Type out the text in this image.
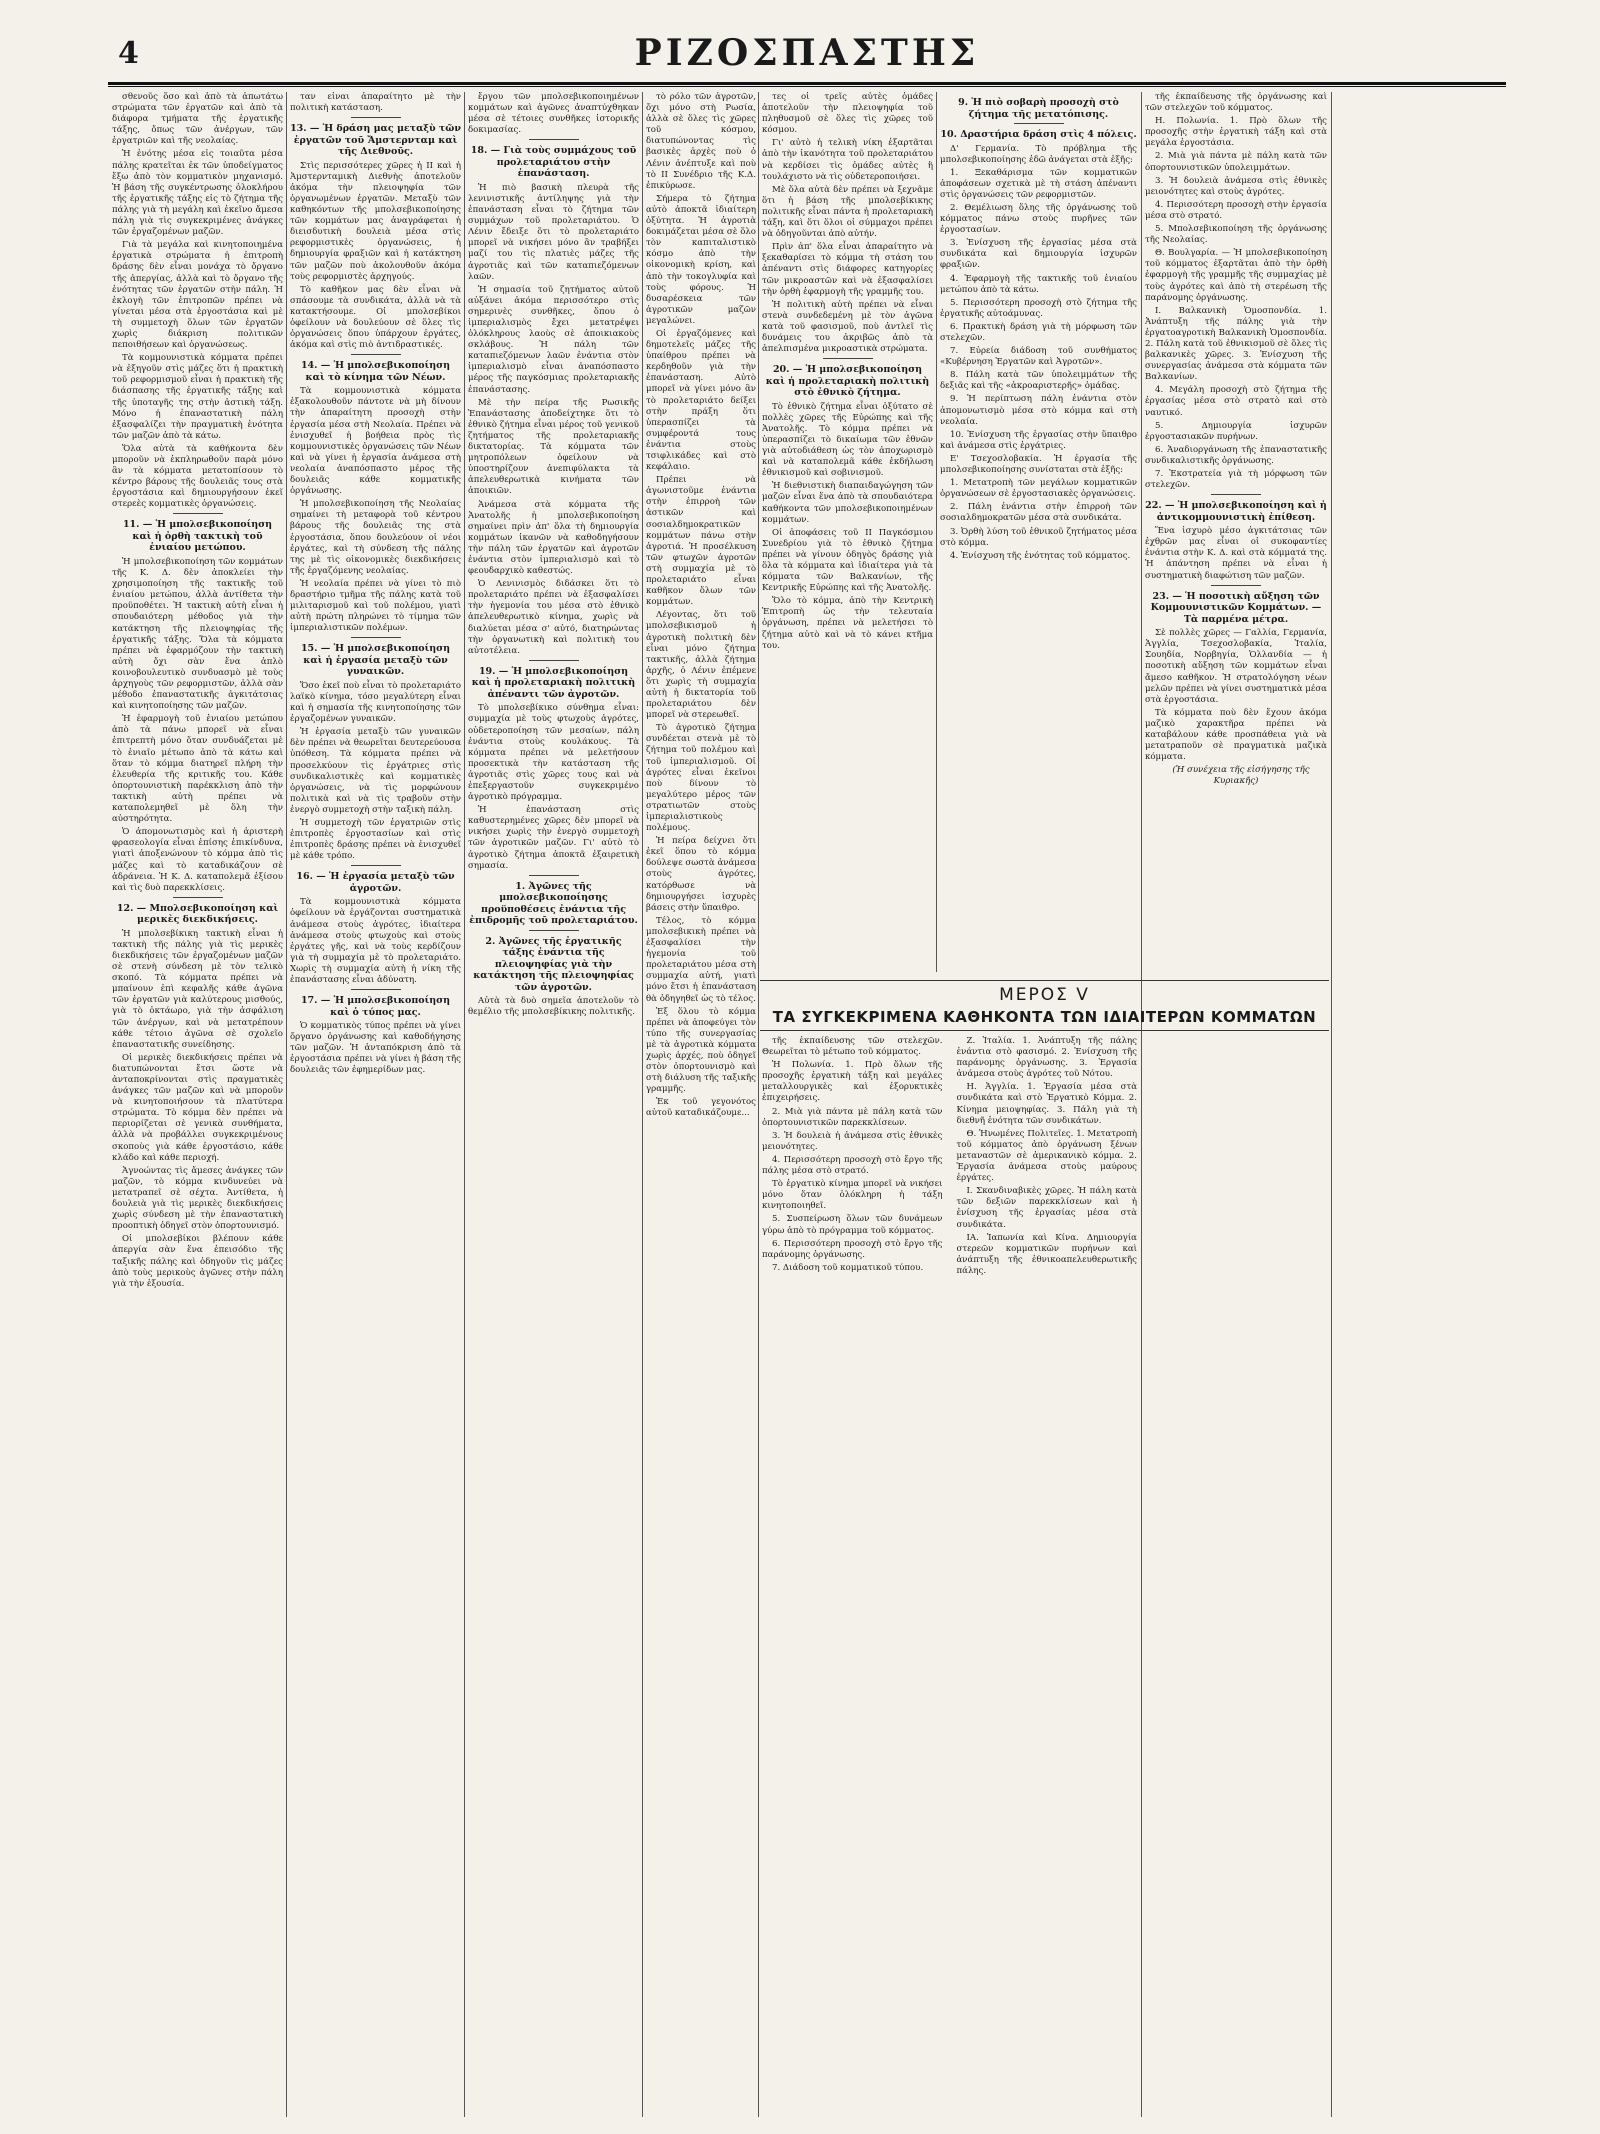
4	ΡΙΖΟΣΠΑΣΤΗΣ

σθενοῦς ὅσο καὶ ἀπὸ τὰ ἀπωτάτω στρώματα τῶν ἐργατῶν καὶ ἀπὸ τὰ διάφορα τμήματα τῆς ἐργατικῆς τάξης, ὄπως τῶν ἀνέργων, τῶν ἐργατριῶν καὶ τῆς νεολαίας.

Ἡ ἐνότης μέσα εἰς τοιαῦτα μέσα πάλης κρατεῖται ἐκ τῶν ὑποδείγματος ἔξω ἀπὸ τὸν κομματικὸν μηχανισμό. Ἡ βάση τῆς συγκέντρωσης ὁλοκλήρου τῆς ἐργατικῆς τάξης εἰς τὸ ζήτημα τῆς πάλης γιὰ τὴ μεγάλη καὶ ἐκεῖνο ἄμεσα πάλη γιὰ τὶς συγκεκριμένες ἀνάγκες τῶν ἐργαζομένων μαζῶν.

Γιὰ τὰ μεγάλα καὶ κινητοποιημένα ἐργατικὰ στρώματα ἡ ἐπιτροπὴ δράσης δὲν εἶναι μονάχα τὸ ὄργανο τῆς ἀπεργίας, ἀλλὰ καὶ τὸ ὄργανο τῆς ἐνότητας τῶν ἐργατῶν στὴν πάλη. Ἡ ἐκλογὴ τῶν ἐπιτροπῶν πρέπει νὰ γίνεται μέσα στὰ ἐργοστάσια καὶ μὲ τὴ συμμετοχὴ ὅλων τῶν ἐργατῶν χωρὶς διάκριση πολιτικῶν πεποιθήσεων καὶ ὀργανώσεως.

Τὰ κομμουνιστικὰ κόμματα πρέπει νὰ ἐξηγοῦν στὶς μάζες ὅτι ἡ πρακτικὴ τοῦ ρεφορμισμοῦ εἶναι ἡ πρακτικὴ τῆς διάσπασης τῆς ἐργατικῆς τάξης καὶ τῆς ὑποταγῆς της στὴν ἀστικὴ τάξη. Μόνο ἡ ἐπαναστατικὴ πάλη ἐξασφαλίζει τὴν πραγματικὴ ἑνότητα τῶν μαζῶν ἀπὸ τὰ κάτω.

Ὅλα αὐτὰ τὰ καθήκοντα δὲν μποροῦν νὰ ἐκπληρωθοῦν παρὰ μόνο ἂν τὰ κόμματα μετατοπίσουν τὸ κέντρο βάρους τῆς δουλειᾶς τους στὰ ἐργοστάσια καὶ δημιουργήσουν ἐκεῖ στερεὲς κομματικὲς ὀργανώσεις.

11. — Ἡ μπολσεβικοποίηση καὶ ἡ ὀρθὴ τακτικὴ τοῦ ἑνιαίου μετώπου.

Ἡ μπολσεβικοποίηση τῶν κομμάτων τῆς Κ. Δ. δὲν ἀποκλείει τὴν χρησιμοποίηση τῆς τακτικῆς τοῦ ἑνιαίου μετώπου, ἀλλὰ ἀντίθετα τὴν προϋποθέτει. Ἡ τακτικὴ αὐτὴ εἶναι ἡ σπουδαιότερη μέθοδος γιὰ τὴν κατάκτηση τῆς πλειοψηφίας τῆς ἐργατικῆς τάξης. Ὅλα τὰ κόμματα πρέπει νὰ ἐφαρμόζουν τὴν τακτικὴ αὐτὴ ὄχι σὰν ἕνα ἁπλὸ κοινοβουλευτικὸ συνδυασμὸ μὲ τοὺς ἀρχηγοὺς τῶν ρεφορμιστῶν, ἀλλὰ σὰν μέθοδο ἐπαναστατικῆς ἀγκιτάτσιας καὶ κινητοποίησης τῶν μαζῶν.

Ἡ ἐφαρμογὴ τοῦ ἑνιαίου μετώπου ἀπὸ τὰ πάνω μπορεῖ νὰ εἶναι ἐπιτρεπτὴ μόνο ὅταν συνδυάζεται μὲ τὸ ἑνιαῖο μέτωπο ἀπὸ τὰ κάτω καὶ ὅταν τὸ κόμμα διατηρεῖ πλήρη τὴν ἐλευθερία τῆς κριτικῆς του. Κάθε ὀπορτουνιστικὴ παρέκκλιση ἀπὸ τὴν τακτικὴ αὐτὴ πρέπει νὰ καταπολεμηθεῖ μὲ ὅλη τὴν αὐστηρότητα.

Ὁ ἀπομονωτισμὸς καὶ ἡ ἀριστερὴ φρασεολογία εἶναι ἐπίσης ἐπικίνδυνα, γιατὶ ἀποξενώνουν τὸ κόμμα ἀπὸ τὶς μάζες καὶ τὸ καταδικάζουν σὲ ἀδράνεια. Ἡ Κ. Δ. καταπολεμᾶ ἐξίσου καὶ τὶς δυὸ παρεκκλίσεις.

12. — Μπολσεβικοποίηση καὶ μερικὲς διεκδικήσεις.

Ἡ μπολσεβίκικη τακτικὴ εἶναι ἡ τακτικὴ τῆς πάλης γιὰ τὶς μερικὲς διεκδικήσεις τῶν ἐργαζομένων μαζῶν σὲ στενὴ σύνδεση μὲ τὸν τελικὸ σκοπό. Τὰ κόμματα πρέπει νὰ μπαίνουν ἐπὶ κεφαλῆς κάθε ἀγῶνα τῶν ἐργατῶν γιὰ καλύτερους μισθούς, γιὰ τὸ ὀκτάωρο, γιὰ τὴν ἀσφάλιση τῶν ἀνέργων, καὶ νὰ μετατρέπουν κάθε τέτοιο ἀγῶνα σὲ σχολεῖο ἐπαναστατικῆς συνείδησης.

Οἱ μερικὲς διεκδικήσεις πρέπει νὰ διατυπώνονται ἔτσι ὥστε νὰ ἀνταποκρίνονται στὶς πραγματικὲς ἀνάγκες τῶν μαζῶν καὶ νὰ μποροῦν νὰ κινητοποιήσουν τὰ πλατύτερα στρώματα. Τὸ κόμμα δὲν πρέπει νὰ περιορίζεται σὲ γενικὰ συνθήματα, ἀλλὰ νὰ προβάλλει συγκεκριμένους σκοποὺς γιὰ κάθε ἐργοστάσιο, κάθε κλάδο καὶ κάθε περιοχή.

Ἀγνοώντας τὶς ἄμεσες ἀνάγκες τῶν μαζῶν, τὸ κόμμα κινδυνεύει νὰ μετατραπεῖ σὲ σέχτα. Ἀντίθετα, ἡ δουλειὰ γιὰ τὶς μερικὲς διεκδικήσεις χωρὶς σύνδεση μὲ τὴν ἐπαναστατικὴ προοπτικὴ ὁδηγεῖ στὸν ὀπορτουνισμό.

Οἱ μπολσεβίκοι βλέπουν κάθε ἀπεργία σὰν ἕνα ἐπεισόδιο τῆς ταξικῆς πάλης καὶ ὁδηγοῦν τὶς μάζες ἀπὸ τοὺς μερικοὺς ἀγῶνες στὴν πάλη γιὰ τὴν ἐξουσία.

ταν εἶναι ἀπαραίτητο μὲ τὴν πολιτικὴ κατάσταση.

13. — Ἡ δράση μας μεταξὺ τῶν ἐργατῶν τοῦ Ἄμστερνταμ καὶ τῆς Διεθνοῦς.

Στὶς περισσότερες χῶρες ἡ II καὶ ἡ Ἀμστερνταμικὴ Διεθνὴς ἀποτελοῦν ἀκόμα τὴν πλειοψηφία τῶν ὀργανωμένων ἐργατῶν. Μεταξὺ τῶν καθηκόντων τῆς μπολσεβικοποίησης τῶν κομμάτων μας ἀναγράφεται ἡ διεισδυτικὴ δουλειὰ μέσα στὶς ρεφορμιστικὲς ὀργανώσεις, ἡ δημιουργία φραξιῶν καὶ ἡ κατάκτηση τῶν μαζῶν ποὺ ἀκολουθοῦν ἀκόμα τοὺς ρεφορμιστὲς ἀρχηγούς.

Τὸ καθῆκον μας δὲν εἶναι νὰ σπάσουμε τὰ συνδικάτα, ἀλλὰ νὰ τὰ κατακτήσουμε. Οἱ μπολσεβίκοι ὀφείλουν νὰ δουλεύουν σὲ ὅλες τὶς ὀργανώσεις ὅπου ὑπάρχουν ἐργάτες, ἀκόμα καὶ στὶς πιὸ ἀντιδραστικές.

14. — Ἡ μπολσεβικοποίηση καὶ τὸ κίνημα τῶν Νέων.

Τὰ κομμουνιστικὰ κόμματα ἐξακολουθοῦν πάντοτε νὰ μὴ δίνουν τὴν ἀπαραίτητη προσοχὴ στὴν ἐργασία μέσα στὴ Νεολαία. Πρέπει νὰ ἐνισχυθεῖ ἡ βοήθεια πρὸς τὶς κομμουνιστικὲς ὀργανώσεις τῶν Νέων καὶ νὰ γίνει ἡ ἐργασία ἀνάμεσα στὴ νεολαία ἀναπόσπαστο μέρος τῆς δουλειᾶς κάθε κομματικῆς ὀργάνωσης.

Ἡ μπολσεβικοποίηση τῆς Νεολαίας σημαίνει τὴ μεταφορὰ τοῦ κέντρου βάρους τῆς δουλειᾶς της στὰ ἐργοστάσια, ὅπου δουλεύουν οἱ νέοι ἐργάτες, καὶ τὴ σύνδεση τῆς πάλης της μὲ τὶς οἰκονομικὲς διεκδικήσεις τῆς ἐργαζόμενης νεολαίας.

Ἡ νεολαία πρέπει νὰ γίνει τὸ πιὸ δραστήριο τμῆμα τῆς πάλης κατὰ τοῦ μιλιταρισμοῦ καὶ τοῦ πολέμου, γιατὶ αὐτὴ πρώτη πληρώνει τὸ τίμημα τῶν ἰμπεριαλιστικῶν πολέμων.

15. — Ἡ μπολσεβικοποίηση καὶ ἡ ἐργασία μεταξὺ τῶν γυναικῶν.

Ὅσο ἐκεῖ ποὺ εἶναι τὸ προλεταριάτο λαϊκὸ κίνημα, τόσο μεγαλύτερη εἶναι καὶ ἡ σημασία τῆς κινητοποίησης τῶν ἐργαζομένων γυναικῶν.

Ἡ ἐργασία μεταξὺ τῶν γυναικῶν δὲν πρέπει νὰ θεωρεῖται δευτερεύουσα ὑπόθεση. Τὰ κόμματα πρέπει νὰ προσελκύουν τὶς ἐργάτριες στὶς συνδικαλιστικὲς καὶ κομματικὲς ὀργανώσεις, νὰ τὶς μορφώνουν πολιτικὰ καὶ νὰ τὶς τραβοῦν στὴν ἐνεργὸ συμμετοχὴ στὴν ταξικὴ πάλη.

Ἡ συμμετοχὴ τῶν ἐργατριῶν στὶς ἐπιτροπὲς ἐργοστασίων καὶ στὶς ἐπιτροπὲς δράσης πρέπει νὰ ἐνισχυθεῖ μὲ κάθε τρόπο.

16. — Ἡ ἐργασία μεταξὺ τῶν ἀγροτῶν.

Τὰ κομμουνιστικὰ κόμματα ὀφείλουν νὰ ἐργάζονται συστηματικὰ ἀνάμεσα στοὺς ἀγρότες, ἰδιαίτερα ἀνάμεσα στοὺς φτωχοὺς καὶ στοὺς ἐργάτες γῆς, καὶ νὰ τοὺς κερδίζουν γιὰ τὴ συμμαχία μὲ τὸ προλεταριάτο. Χωρὶς τὴ συμμαχία αὐτὴ ἡ νίκη τῆς ἐπανάστασης εἶναι ἀδύνατη.

17. — Ἡ μπολσεβικοποίηση καὶ ὁ τύπος μας.

Ὁ κομματικὸς τύπος πρέπει νὰ γίνει ὄργανο ὀργάνωσης καὶ καθοδήγησης τῶν μαζῶν. Ἡ ἀνταπόκριση ἀπὸ τὰ ἐργοστάσια πρέπει νὰ γίνει ἡ βάση τῆς δουλειᾶς τῶν ἐφημερίδων μας.

ἔργου τῶν μπολσεβικοποιημένων κομμάτων καὶ ἀγῶνες ἀναπτύχθηκαν μέσα σὲ τέτοιες συνθῆκες ἱστορικῆς δοκιμασίας.

18. — Γιὰ τοὺς συμμάχους τοῦ προλεταριάτου στὴν ἐπανάσταση.

Ἡ πιὸ βασικὴ πλευρὰ τῆς λενινιστικῆς ἀντίληψης γιὰ τὴν ἐπανάσταση εἶναι τὸ ζήτημα τῶν συμμάχων τοῦ προλεταριάτου. Ὁ Λένιν ἔδειξε ὅτι τὸ προλεταριάτο μπορεῖ νὰ νικήσει μόνο ἂν τραβήξει μαζί του τὶς πλατιὲς μάζες τῆς ἀγροτιᾶς καὶ τῶν καταπιεζόμενων λαῶν.

Ἡ σημασία τοῦ ζητήματος αὐτοῦ αὐξάνει ἀκόμα περισσότερο στὶς σημερινὲς συνθῆκες, ὅπου ὁ ἰμπεριαλισμὸς ἔχει μετατρέψει ὁλόκληρους λαοὺς σὲ ἀποικιακοὺς σκλάβους. Ἡ πάλη τῶν καταπιεζόμενων λαῶν ἐνάντια στὸν ἰμπεριαλισμὸ εἶναι ἀναπόσπαστο μέρος τῆς παγκόσμιας προλεταριακῆς ἐπανάστασης.

Μὲ τὴν πείρα τῆς Ρωσικῆς Ἐπανάστασης ἀποδείχτηκε ὅτι τὸ ἐθνικὸ ζήτημα εἶναι μέρος τοῦ γενικοῦ ζητήματος τῆς προλεταριακῆς δικτατορίας. Τὰ κόμματα τῶν μητροπόλεων ὀφείλουν νὰ ὑποστηρίζουν ἀνεπιφύλακτα τὰ ἀπελευθερωτικὰ κινήματα τῶν ἀποικιῶν.

Ἀνάμεσα στὰ κόμματα τῆς Ἀνατολῆς ἡ μπολσεβικοποίηση σημαίνει πρὶν ἀπ' ὅλα τὴ δημιουργία κομμάτων ἱκανῶν νὰ καθοδηγήσουν τὴν πάλη τῶν ἐργατῶν καὶ ἀγροτῶν ἐνάντια στὸν ἰμπεριαλισμὸ καὶ τὸ φεουδαρχικὸ καθεστώς.

Ὁ Λενινισμὸς διδάσκει ὅτι τὸ προλεταριάτο πρέπει νὰ ἐξασφαλίσει τὴν ἡγεμονία του μέσα στὸ ἐθνικὸ ἀπελευθερωτικὸ κίνημα, χωρὶς νὰ διαλύεται μέσα σ' αὐτό, διατηρώντας τὴν ὀργανωτικὴ καὶ πολιτικὴ του αὐτοτέλεια.

19. — Ἡ μπολσεβικοποίηση καὶ ἡ προλεταριακὴ πολιτικὴ ἀπέναντι τῶν ἀγροτῶν.

Τὸ μπολσεβίκικο σύνθημα εἶναι: συμμαχία μὲ τοὺς φτωχοὺς ἀγρότες, οὐδετεροποίηση τῶν μεσαίων, πάλη ἐνάντια στοὺς κουλάκους. Τὰ κόμματα πρέπει νὰ μελετήσουν προσεκτικὰ τὴν κατάσταση τῆς ἀγροτιᾶς στὶς χῶρες τους καὶ νὰ ἐπεξεργαστοῦν συγκεκριμένο ἀγροτικὸ πρόγραμμα.

Ἡ ἐπανάσταση στὶς καθυστερημένες χῶρες δὲν μπορεῖ νὰ νικήσει χωρὶς τὴν ἐνεργὸ συμμετοχὴ τῶν ἀγροτικῶν μαζῶν. Γι' αὐτὸ τὸ ἀγροτικὸ ζήτημα ἀποκτᾶ ἐξαιρετικὴ σημασία.

1. Ἀγῶνες τῆς μπολσεβικοποίησης προϋποθέσεις ἐνάντια τῆς ἐπιδρομῆς τοῦ προλεταριάτου.
2. Ἀγῶνες τῆς ἐργατικῆς τάξης ἐνάντια τῆς πλειοψηφίας γιὰ τὴν κατάκτηση τῆς πλειοψηφίας τῶν ἀγροτῶν.

Αὐτὰ τὰ δυὸ σημεῖα ἀποτελοῦν τὸ θεμέλιο τῆς μπολσεβίκικης πολιτικῆς.

τὸ ρόλο τῶν ἀγροτῶν, ὄχι μόνο στὴ Ρωσία, ἀλλὰ σὲ ὅλες τὶς χῶρες τοῦ κόσμου, διατυπώνοντας τὶς βασικὲς ἀρχὲς ποὺ ὁ Λένιν ἀνέπτυξε καὶ ποὺ τὸ II Συνέδριο τῆς Κ.Δ. ἐπικύρωσε.

Σήμερα τὸ ζήτημα αὐτὸ ἀποκτᾶ ἰδιαίτερη ὀξύτητα. Ἡ ἀγροτιὰ δοκιμάζεται μέσα σὲ ὅλο τὸν καπιταλιστικὸ κόσμο ἀπὸ τὴν οἰκονομικὴ κρίση, καὶ ἀπὸ τὴν τοκογλυφία καὶ τοὺς φόρους. Ἡ δυσαρέσκεια τῶν ἀγροτικῶν μαζῶν μεγαλώνει.

Οἱ ἐργαζόμενες καὶ δημοτελεῖς μάζες τῆς ὑπαίθρου πρέπει νὰ κερδηθοῦν γιὰ τὴν ἐπανάσταση. Αὐτὸ μπορεῖ νὰ γίνει μόνο ἂν τὸ προλεταριάτο δείξει στὴν πράξη ὅτι ὑπερασπίζει τὰ συμφέροντά τους ἐνάντια στοὺς τσιφλικάδες καὶ στὸ κεφάλαιο.

Πρέπει νὰ ἀγωνιστοῦμε ἐνάντια στὴν ἐπιρροὴ τῶν ἀστικῶν καὶ σοσιαλδημοκρατικῶν κομμάτων πάνω στὴν ἀγροτιά. Ἡ προσέλκυση τῶν φτωχῶν ἀγροτῶν στὴ συμμαχία μὲ τὸ προλεταριάτο εἶναι καθῆκον ὅλων τῶν κομμάτων.

Λέγοντας, ὅτι τοῦ μπολσεβικισμοῦ ἡ ἀγροτικὴ πολιτικὴ δὲν εἶναι μόνο ζήτημα τακτικῆς, ἀλλὰ ζήτημα ἀρχῆς, ὁ Λένιν ἐπέμενε ὅτι χωρὶς τὴ συμμαχία αὐτὴ ἡ δικτατορία τοῦ προλεταριάτου δὲν μπορεῖ νὰ στερεωθεῖ.

Τὸ ἀγροτικὸ ζήτημα συνδέεται στενὰ μὲ τὸ ζήτημα τοῦ πολέμου καὶ τοῦ ἰμπεριαλισμοῦ. Οἱ ἀγρότες εἶναι ἐκεῖνοι ποὺ δίνουν τὸ μεγαλύτερο μέρος τῶν στρατιωτῶν στοὺς ἰμπεριαλιστικοὺς πολέμους.

Ἡ πείρα δείχνει ὅτι ἐκεῖ ὅπου τὸ κόμμα δούλεψε σωστὰ ἀνάμεσα στοὺς ἀγρότες, κατόρθωσε νὰ δημιουργήσει ἰσχυρὲς βάσεις στὴν ὕπαιθρο.

Τέλος, τὸ κόμμα μπολσεβικικὴ πρέπει νὰ ἐξασφαλίσει τὴν ἡγεμονία τοῦ προλεταριάτου μέσα στὴ συμμαχία αὐτή, γιατὶ μόνο ἔτσι ἡ ἐπανάσταση θὰ ὁδηγηθεῖ ὡς τὸ τέλος.

Ἐξ ὅλου τὸ κόμμα πρέπει νὰ ἀποφεύγει τὸν τύπο τῆς συνεργασίας μὲ τὰ ἀγροτικὰ κόμματα χωρὶς ἀρχές, ποὺ ὁδηγεῖ στὸν ὀπορτουνισμὸ καὶ στὴ διάλυση τῆς ταξικῆς γραμμῆς.

Ἐκ τοῦ γεγονότος αὐτοῦ καταδικάζουμε...

τες οἱ τρεῖς αὐτὲς ὁμάδες ἀποτελοῦν τὴν πλειοψηφία τοῦ πληθυσμοῦ σὲ ὅλες τὶς χῶρες τοῦ κόσμου.

Γι' αὐτὸ ἡ τελικὴ νίκη ἐξαρτᾶται ἀπὸ τὴν ἱκανότητα τοῦ προλεταριάτου νὰ κερδίσει τὶς ὁμάδες αὐτὲς ἢ τουλάχιστο νὰ τὶς οὐδετεροποιήσει.

Μὲ ὅλα αὐτὰ δὲν πρέπει νὰ ξεχνᾶμε ὅτι ἡ βάση τῆς μπολσεβίκικης πολιτικῆς εἶναι πάντα ἡ προλεταριακὴ τάξη, καὶ ὅτι ὅλοι οἱ σύμμαχοι πρέπει νὰ ὁδηγοῦνται ἀπὸ αὐτήν.

Πρὶν ἀπ' ὅλα εἶναι ἀπαραίτητο νὰ ξεκαθαρίσει τὸ κόμμα τὴ στάση του ἀπέναντι στὶς διάφορες κατηγορίες τῶν μικροαστῶν καὶ νὰ ἐξασφαλίσει τὴν ὀρθὴ ἐφαρμογὴ τῆς γραμμῆς του.

Ἡ πολιτικὴ αὐτὴ πρέπει νὰ εἶναι στενὰ συνδεδεμένη μὲ τὸν ἀγῶνα κατὰ τοῦ φασισμοῦ, ποὺ ἀντλεῖ τὶς δυνάμεις του ἀκριβῶς ἀπὸ τὰ ἀπελπισμένα μικροαστικὰ στρώματα.

20. — Ἡ μπολσεβικοποίηση καὶ ἡ προλεταριακὴ πολιτικὴ στὸ ἐθνικὸ ζήτημα.

Τὸ ἐθνικὸ ζήτημα εἶναι ὀξύτατο σὲ πολλὲς χῶρες τῆς Εὐρώπης καὶ τῆς Ἀνατολῆς. Τὸ κόμμα πρέπει νὰ ὑπερασπίζει τὸ δικαίωμα τῶν ἐθνῶν γιὰ αὐτοδιάθεση ὡς τὸν ἀποχωρισμὸ καὶ νὰ καταπολεμᾶ κάθε ἐκδήλωση ἐθνικισμοῦ καὶ σοβινισμοῦ.

Ἡ διεθνιστικὴ διαπαιδαγώγηση τῶν μαζῶν εἶναι ἕνα ἀπὸ τὰ σπουδαιότερα καθήκοντα τῶν μπολσεβικοποιημένων κομμάτων.

Οἱ ἀποφάσεις τοῦ II Παγκόσμιου Συνεδρίου γιὰ τὸ ἐθνικὸ ζήτημα πρέπει νὰ γίνουν ὁδηγὸς δράσης γιὰ ὅλα τὰ κόμματα καὶ ἰδιαίτερα γιὰ τὰ κόμματα τῶν Βαλκανίων, τῆς Κεντρικῆς Εὐρώπης καὶ τῆς Ἀνατολῆς.

Ὅλο τὸ κόμμα, ἀπὸ τὴν Κεντρικὴ Ἐπιτροπὴ ὡς τὴν τελευταία ὀργάνωση, πρέπει νὰ μελετήσει τὸ ζήτημα αὐτὸ καὶ νὰ τὸ κάνει κτῆμα του.

9. Ἡ πιὸ σοβαρὴ προσοχὴ στὸ ζήτημα τῆς μετατόπισης.
10. Δραστήρια δράση στὶς 4 πόλεις.

Δ' Γερμανία. Τὸ πρόβλημα τῆς μπολσεβικοποίησης ἐδῶ ἀνάγεται στὰ ἑξῆς:

1. Ξεκαθάρισμα τῶν κομματικῶν ἀποφάσεων σχετικὰ μὲ τὴ στάση ἀπέναντι στὶς ὀργανώσεις τῶν ρεφορμιστῶν.

2. Θεμέλιωση ὅλης τῆς ὀργάνωσης τοῦ κόμματος πάνω στοὺς πυρῆνες τῶν ἐργοστασίων.

3. Ἐνίσχυση τῆς ἐργασίας μέσα στὰ συνδικάτα καὶ δημιουργία ἰσχυρῶν φραξιῶν.

4. Ἐφαρμογὴ τῆς τακτικῆς τοῦ ἑνιαίου μετώπου ἀπὸ τὰ κάτω.

5. Περισσότερη προσοχὴ στὸ ζήτημα τῆς ἐργατικῆς αὐτοάμυνας.

6. Πρακτικὴ δράση γιὰ τὴ μόρφωση τῶν στελεχῶν.

7. Εὐρεία διάδοση τοῦ συνθήματος «Κυβέρνηση Ἐργατῶν καὶ Ἀγροτῶν».

8. Πάλη κατὰ τῶν ὑπολειμμάτων τῆς δεξιᾶς καὶ τῆς «ἀκροαριστερῆς» ὁμάδας.

9. Ἡ περίπτωση πάλη ἐνάντια στὸν ἀπομονωτισμὸ μέσα στὸ κόμμα καὶ στὴ νεολαία.

10. Ἐνίσχυση τῆς ἐργασίας στὴν ὕπαιθρο καὶ ἀνάμεσα στὶς ἐργάτριες.

Ε' Τσεχοσλοβακία. Ἡ ἐργασία τῆς μπολσεβικοποίησης συνίσταται στὰ ἑξῆς:

1. Μετατροπὴ τῶν μεγάλων κομματικῶν ὀργανώσεων σὲ ἐργοστασιακὲς ὀργανώσεις.

2. Πάλη ἐνάντια στὴν ἐπιρροὴ τῶν σοσιαλδημοκρατῶν μέσα στὰ συνδικάτα.

3. Ὀρθὴ λύση τοῦ ἐθνικοῦ ζητήματος μέσα στὸ κόμμα.

4. Ἐνίσχυση τῆς ἑνότητας τοῦ κόμματος.

ΜΕΡΟΣ V
ΤΑ ΣΥΓΚΕΚΡΙΜΕΝΑ ΚΑΘΗΚΟΝΤΑ ΤΩΝ ΙΔΙΑΙΤΕΡΩΝ ΚΟΜΜΑΤΩΝ

τῆς ἐκπαίδευσης τῶν στελεχῶν. Θεωρεῖται τὸ μέτωπο τοῦ κόμματος.

Ἡ Πολωνία. 1. Πρὸ ὅλων τῆς προσοχῆς ἐργατικὴ τάξη καὶ μεγάλες μεταλλουργικὲς καὶ ἐξορυκτικὲς ἐπιχειρήσεις.

2. Μιὰ γιὰ πάντα μὲ πάλη κατὰ τῶν ὀπορτουνιστικῶν παρεκκλίσεων.

3. Ἡ δουλειὰ ἡ ἀνάμεσα στὶς ἐθνικὲς μειονότητες.

4. Περισσότερη προσοχὴ στὸ ἔργο τῆς πάλης μέσα στὸ στρατό.

Τὸ ἐργατικὸ κίνημα μπορεῖ νὰ νικήσει μόνο ὅταν ὁλόκληρη ἡ τάξη κινητοποιηθεῖ.

5. Συσπείρωση ὅλων τῶν δυνάμεων γύρω ἀπὸ τὸ πρόγραμμα τοῦ κόμματος.

6. Περισσότερη προσοχὴ στὸ ἔργο τῆς παράνομης ὀργάνωσης.

7. Διάδοση τοῦ κομματικοῦ τύπου.

Ζ. Ἰταλία. 1. Ἀνάπτυξη τῆς πάλης ἐνάντια στὸ φασισμό. 2. Ἐνίσχυση τῆς παράνομης ὀργάνωσης. 3. Ἐργασία ἀνάμεσα στοὺς ἀγρότες τοῦ Νότου.

Η. Ἀγγλία. 1. Ἐργασία μέσα στὰ συνδικάτα καὶ στὸ Ἐργατικὸ Κόμμα. 2. Κίνημα μειοψηφίας. 3. Πάλη γιὰ τὴ διεθνῆ ἑνότητα τῶν συνδικάτων.

Θ. Ἡνωμένες Πολιτεῖες. 1. Μετατροπὴ τοῦ κόμματος ἀπὸ ὀργάνωση ξένων μεταναστῶν σὲ ἀμερικανικὸ κόμμα. 2. Ἐργασία ἀνάμεσα στοὺς μαύρους ἐργάτες.

Ι. Σκανδιναβικὲς χῶρες. Ἡ πάλη κατὰ τῶν δεξιῶν παρεκκλίσεων καὶ ἡ ἐνίσχυση τῆς ἐργασίας μέσα στὰ συνδικάτα.

ΙΑ. Ἰαπωνία καὶ Κίνα. Δημιουργία στερεῶν κομματικῶν πυρήνων καὶ ἀνάπτυξη τῆς ἐθνικοαπελευθερωτικῆς πάλης.

τῆς ἐκπαίδευσης τῆς ὀργάνωσης καὶ τῶν στελεχῶν τοῦ κόμματος.

Η. Πολωνία. 1. Πρὸ ὅλων τῆς προσοχῆς στὴν ἐργατικὴ τάξη καὶ στὰ μεγάλα ἐργοστάσια.

2. Μιὰ γιὰ πάντα μὲ πάλη κατὰ τῶν ὀπορτουνιστικῶν ὑπολειμμάτων.

3. Ἡ δουλειὰ ἀνάμεσα στὶς ἐθνικὲς μειονότητες καὶ στοὺς ἀγρότες.

4. Περισσότερη προσοχὴ στὴν ἐργασία μέσα στὸ στρατό.

5. Μπολσεβικοποίηση τῆς ὀργάνωσης τῆς Νεολαίας.

Θ. Βουλγαρία. — Ἡ μπολσεβικοποίηση τοῦ κόμματος ἐξαρτᾶται ἀπὸ τὴν ὀρθὴ ἐφαρμογὴ τῆς γραμμῆς τῆς συμμαχίας μὲ τοὺς ἀγρότες καὶ ἀπὸ τὴ στερέωση τῆς παράνομης ὀργάνωσης.

Ι. Βαλκανικὴ Ὁμοσπονδία. 1. Ἀνάπτυξη τῆς πάλης γιὰ τὴν ἐργατοαγροτικὴ Βαλκανικὴ Ὁμοσπονδία. 2. Πάλη κατὰ τοῦ ἐθνικισμοῦ σὲ ὅλες τὶς βαλκανικὲς χῶρες. 3. Ἐνίσχυση τῆς συνεργασίας ἀνάμεσα στὰ κόμματα τῶν Βαλκανίων.

4. Μεγάλη προσοχὴ στὸ ζήτημα τῆς ἐργασίας μέσα στὸ στρατὸ καὶ στὸ ναυτικό.

5. Δημιουργία ἰσχυρῶν ἐργοστασιακῶν πυρήνων.

6. Ἀναδιοργάνωση τῆς ἐπαναστατικῆς συνδικαλιστικῆς ὀργάνωσης.

7. Ἐκστρατεία γιὰ τὴ μόρφωση τῶν στελεχῶν.

22. — Ἡ μπολσεβικοποίηση καὶ ἡ ἀντικομμουνιστικὴ ἐπίθεση.

Ἕνα ἰσχυρὸ μέσο ἀγκιτάτσιας τῶν ἐχθρῶν μας εἶναι οἱ συκοφαντίες ἐνάντια στὴν Κ. Δ. καὶ στὰ κόμματά της. Ἡ ἀπάντηση πρέπει νὰ εἶναι ἡ συστηματικὴ διαφώτιση τῶν μαζῶν.

23. — Ἡ ποσοτικὴ αὔξηση τῶν Κομμουνιστικῶν Κομμάτων. — Τὰ παρμένα μέτρα.

Σὲ πολλὲς χῶρες — Γαλλία, Γερμανία, Ἀγγλία, Τσεχοσλοβακία, Ἰταλία, Σουηδία, Νορβηγία, Ὁλλανδία — ἡ ποσοτικὴ αὔξηση τῶν κομμάτων εἶναι ἄμεσο καθῆκον. Ἡ στρατολόγηση νέων μελῶν πρέπει νὰ γίνει συστηματικὰ μέσα στὰ ἐργοστάσια.

Τὰ κόμματα ποὺ δὲν ἔχουν ἀκόμα μαζικὸ χαρακτῆρα πρέπει νὰ καταβάλουν κάθε προσπάθεια γιὰ νὰ μετατραποῦν σὲ πραγματικὰ μαζικὰ κόμματα.

(Ἡ συνέχεια τῆς εἰσήγησης τῆς Κυριακῆς)
